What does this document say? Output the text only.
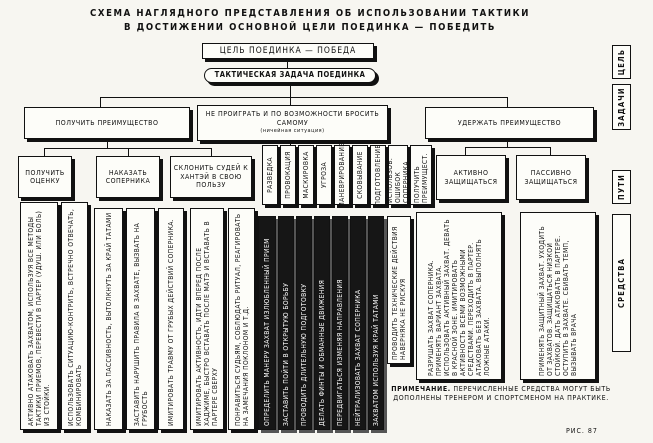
СХЕМА НАГЛЯДНОГО ПРЕДСТАВЛЕНИЯ ОБ ИСПОЛЬЗОВАНИИ ТАКТИКИ
В ДОСТИЖЕНИИ ОСНОВНОЙ ЦЕЛИ ПОЕДИНКА — ПОБЕДИТЬ
ЦЕЛЬ ПОЕДИНКА — ПОБЕДА
ТАКТИЧЕСКАЯ ЗАДАЧА ПОЕДИНКА
ПОЛУЧИТЬ ПРЕИМУЩЕСТВО
НЕ ПРОИГРАТЬ И ПО ВОЗМОЖНОСТИ БРОСИТЬ САМОМУ
(ничейная ситуация)
УДЕРЖАТЬ ПРЕИМУЩЕСТВО
ПОЛУЧИТЬ ОЦЕНКУ
НАКАЗАТЬ СОПЕРНИКА
СКЛОНИТЬ СУДЕЙ К ХАНТЭЙ В СВОЮ ПОЛЬЗУ	РАЗВЕДКА ПРОВОКАЦИЯ МАСКИРОВКА УГРОЗА МАНЕВРИРОВАНИЕ СКОВЫВАНИЕ ПОДГОТОВЛЕНИЕ ИСПОЛЬЗОВ. ОШИБОК СОПЕРНИКА ПОЛУЧИТЬ ПРЕИМУЩЕСТ.	АКТИВНО ЗАЩИЩАТЬСЯ
ПАССИВНО ЗАЩИЩАТЬСЯ
АКТИВНО АТАКОВАТЬ ЗАХВАТОМ, ИСПОЛЬЗУЯ ВСЕ МЕТОДЫ ТАКТИКИ ПРИЕМОВ, ПЕРЕВЕСТИ В ПАРТЕР (УДУШ. ИЛИ БОЛЬ) ИЗ СТОЙКИ. ИСПОЛЬЗОВАТЬ СИТУАЦИЮ-КОНТРИТЬ, ВСТРЕЧНО ОТВЕЧАТЬ, КОМБИНИРОВАТЬ	НАКАЗАТЬ ЗА ПАССИВНОСТЬ, ВЫТОЛКНУТЬ ЗА КРАЙ ТАТАМИ	ЗАСТАВИТЬ НАРУШИТЬ ПРАВИЛА В ЗАХВАТЕ, ВЫЗВАТЬ НА ГРУБОСТЬ	ИМИТИРОВАТЬ ТРАВМУ ОТ ГРУБЫХ ДЕЙСТВИЙ СОПЕРНИКА.	ИМИТИРОВАТЬ АКТИВНОСТЬ, ИДТИ ВПЕРЕД ПОСЛЕ ХАДЖИМЕ, БЫСТРО ВСТАВАТЬ ПОСЛЕ МАТЭ И ВСТАВАТЬ В ПАРТЕРЕ СВЕРХУ ПОНРАВИТЬСЯ СУДЬЯМ, СОБЛЮДАТЬ РИТУАЛ, РЕАГИРОВАТЬ НА ЗАМЕЧАНИЯ ПОКЛОНОМ И Т.Д. ОПРЕДЕЛИТЬ МАНЕРУ ЗАХВАТ ИЗЛЮБЛЕННЫЙ ПРИЕМ ЗАСТАВИТЬ ПОЙТИ В ОТКРЫТУЮ БОРЬБУ ПРОВОДИТЬ ДЛИТЕЛЬНУЮ ПОДГОТОВКУ ДЕЛАТЬ ФИНТЫ И ОБМАННЫЕ ДВИЖЕНИЯ ПЕРЕДВИГАТЬСЯ ИЗМЕНЯЯ НАПРАВЛЕНИЯ НЕЙТРАЛИЗОВАТЬ ЗАХВАТ СОПЕРНИКА ЗАХВАТОМ ИСПОЛЬЗУЯ КРАЙ ТАТАМИ
ПРОВОДИТЬ ТЕХНИЧЕСКИЕ ДЕЙСТВИЯ НАВЕРНЯКА НЕ РИСКУЯ	РАЗРУШАТЬ ЗАХВАТ СОПЕРНИКА. ПРИМЕНЯТЬ ВАРИАНТ ЗАХВАТА. ИСПОЛЬЗОВАТЬ АКТИВНЫЙ ЗАХВАТ. ДЕВАТЬ В КРАСНОЙ ЗОНЕ. ИМИТИРОВАТЬ АКТИВНОСТЬ ВСЕМИ ВОЗМОЖНЫМИ СРЕДСТВАМИ. ПЕРЕХОДИТЬ В ПАРТЕР. АТАКОВАТЬ БЕЗ ЗАХВАТА. ВЫПОЛНЯТЬ ЛОЖНЫЕ АТАКИ.	ПРИМЕНЯТЬ ЗАЩИТНЫЙ ЗАХВАТ. УХОДИТЬ ОТ ЗАХВАТОВ. ЗАЩИЩАТЬСЯ НИЗКОЙ СТОЙКОЙ. ДАТЬ АТАКОВАТЬ В ПАРТЕРЕ. ОСТУПИТЬ В ЗАХВАТЕ. СБИВАТЬ ТЕМП, ВЫЗЫВАТЬ ВРАЧА
ЦЕЛЬ
ЗАДАЧИ
ПУТИ
СРЕДСТВА
ПРИМЕЧАНИЕ. ПЕРЕЧИСЛЕННЫЕ СРЕДСТВА МОГУТ БЫТЬ ДОПОЛНЕНЫ ТРЕНЕРОМ И СПОРТСМЕНОМ НА ПРАКТИКЕ.
РИС. 87
